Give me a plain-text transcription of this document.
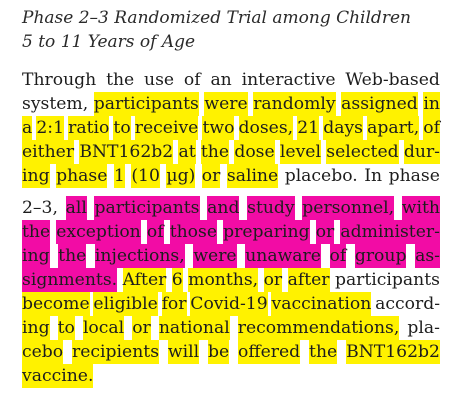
Phase 2–3 Randomized Trial among Children
5 to 11 Years of Age
Through the use of an interactive Web-based
system, participants were randomly assigned in
a 2:1 ratio to receive two doses, 21 days apart, of
either BNT162b2 at the dose level selected dur-
ing phase 1 (10 µg) or saline placebo. In phase
2–3, all participants and study personnel, with
the exception of those preparing or administer-
ing the injections, were unaware of group as-
signments. After 6 months, or after participants
become eligible for Covid-19 vaccination accord-
ing to local or national recommendations, pla-
cebo recipients will be offered the BNT162b2
vaccine.
